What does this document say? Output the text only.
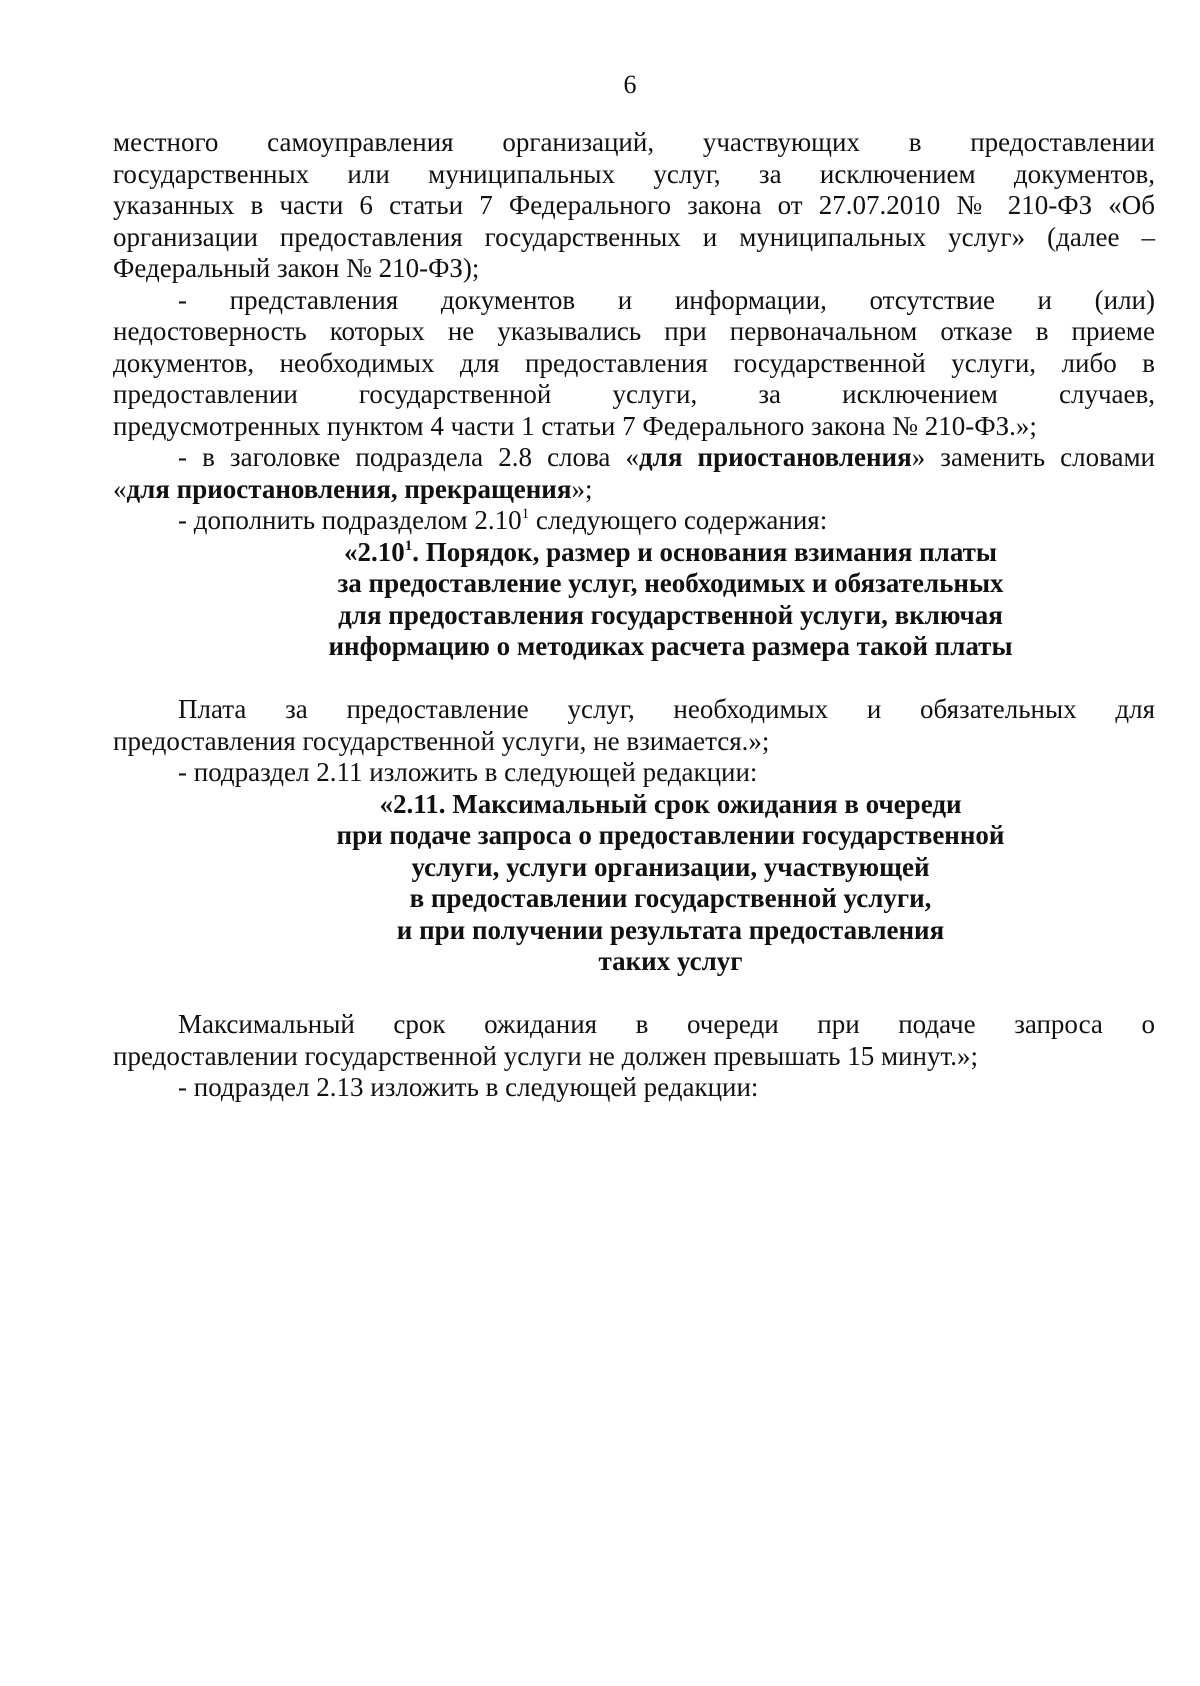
6

местного самоуправления организаций, участвующих в предоставлении

государственных или муниципальных услуг, за исключением документов,

указанных в части 6 статьи 7 Федерального закона от 27.07.2010 № 210-ФЗ «Об

организации предоставления государственных и муниципальных услуг» (далее –

Федеральный закон № 210-ФЗ);

- представления документов и информации, отсутствие и (или)

недостоверность которых не указывались при первоначальном отказе в приеме

документов, необходимых для предоставления государственной услуги, либо в

предоставлении государственной услуги, за исключением случаев,

предусмотренных пунктом 4 части 1 статьи 7 Федерального закона № 210-ФЗ.»;

- в заголовке подраздела 2.8 слова «для приостановления» заменить словами

«для приостановления, прекращения»;

- дополнить подразделом 2.10$^1$ следующего содержания:

«2.10$^1$. Порядок, размер и основания взимания платы

за предоставление услуг, необходимых и обязательных

для предоставления государственной услуги, включая

информацию о методиках расчета размера такой платы

Плата за предоставление услуг, необходимых и обязательных для

предоставления государственной услуги, не взимается.»;

- подраздел 2.11 изложить в следующей редакции:

«2.11. Максимальный срок ожидания в очереди

при подаче запроса о предоставлении государственной

услуги, услуги организации, участвующей

в предоставлении государственной услуги,

и при получении результата предоставления

таких услуг

Максимальный срок ожидания в очереди при подаче запроса о

предоставлении государственной услуги не должен превышать 15 минут.»;

- подраздел 2.13 изложить в следующей редакции:
